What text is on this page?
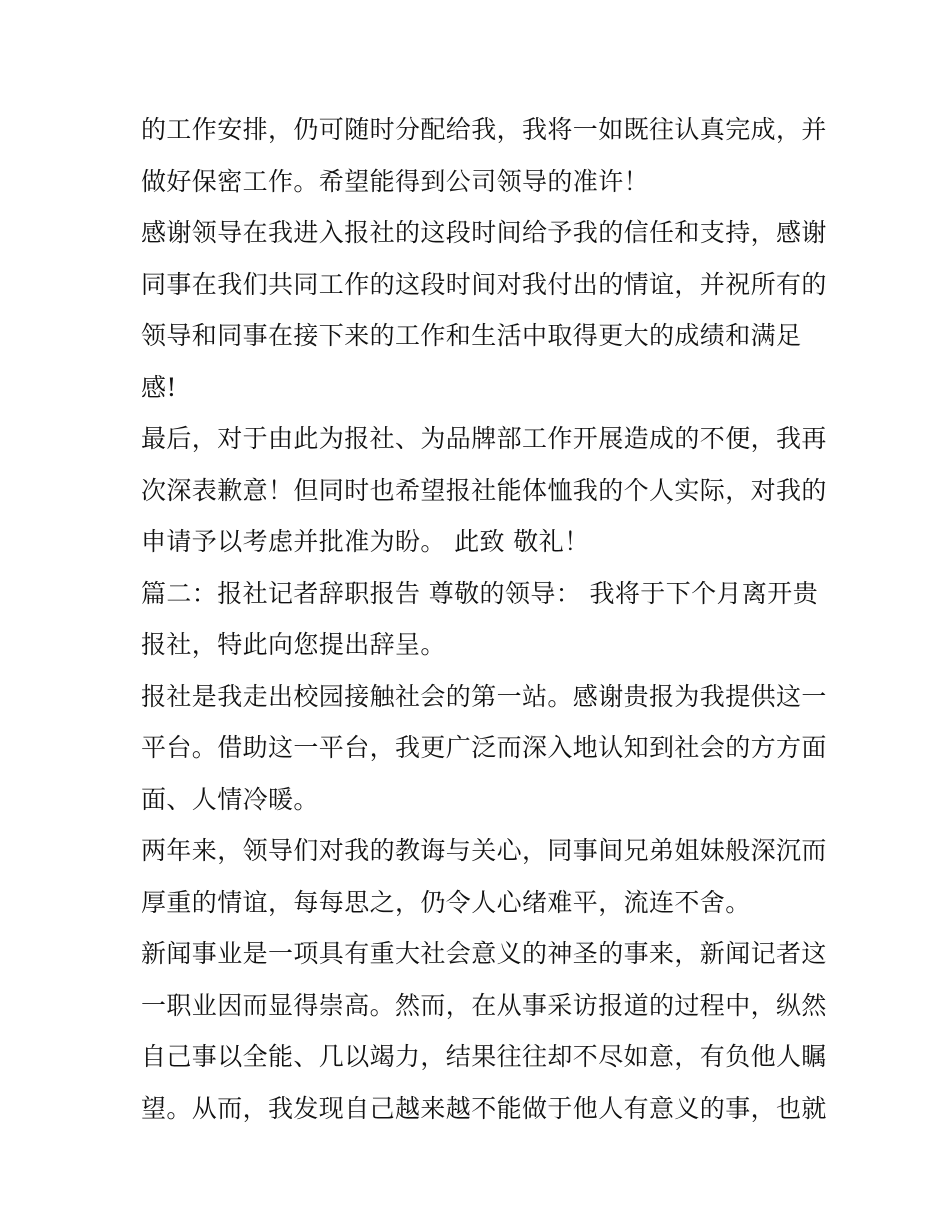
的工作安排，仍可随时分配给我，我将一如既往认真完成，并
做好保密工作。希望能得到公司领导的准许！
感谢领导在我进入报社的这段时间给予我的信任和支持，感谢
同事在我们共同工作的这段时间对我付出的情谊，并祝所有的
领导和同事在接下来的工作和生活中取得更大的成绩和满足
感!
最后，对于由此为报社、为品牌部工作开展造成的不便，我再
次深表歉意！但同时也希望报社能体恤我的个人实际，对我的
申请予以考虑并批准为盼。 此致 敬礼！
篇二：报社记者辞职报告 尊敬的领导： 我将于下个月离开贵
报社，特此向您提出辞呈。
报社是我走出校园接触社会的第一站。感谢贵报为我提供这一
平台。借助这一平台，我更广泛而深入地认知到社会的方方面
面、人情冷暖。
两年来，领导们对我的教诲与关心，同事间兄弟姐妹般深沉而
厚重的情谊，每每思之，仍令人心绪难平，流连不舍。
新闻事业是一项具有重大社会意义的神圣的事来，新闻记者这
一职业因而显得崇高。然而，在从事采访报道的过程中，纵然
自己事以全能、几以竭力，结果往往却不尽如意，有负他人瞩
望。从而，我发现自己越来越不能做于他人有意义的事，也就
